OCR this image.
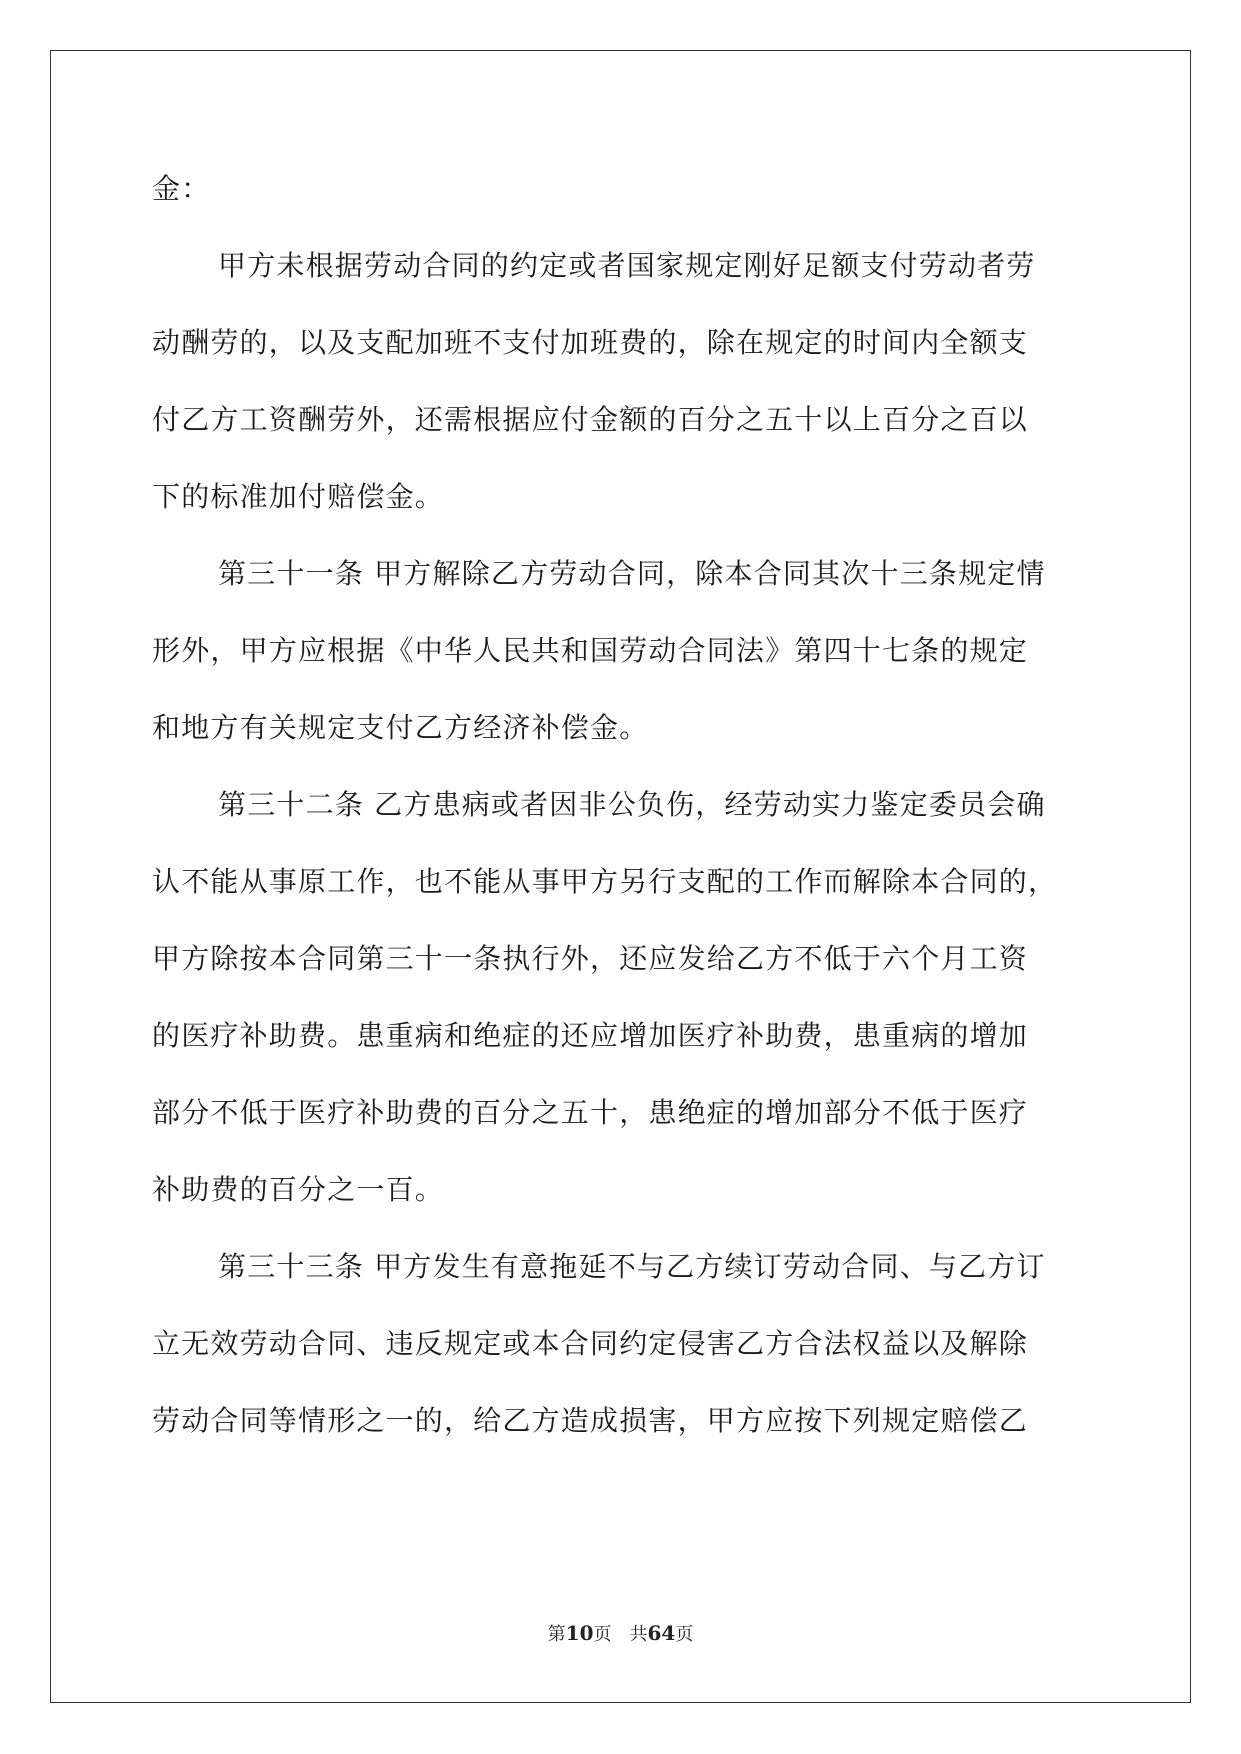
金：
甲方未根据劳动合同的约定或者国家规定刚好足额支付劳动者劳
动酬劳的，以及支配加班不支付加班费的，除在规定的时间内全额支
付乙方工资酬劳外，还需根据应付金额的百分之五十以上百分之百以
下的标准加付赔偿金。
第三十一条 甲方解除乙方劳动合同，除本合同其次十三条规定情
形外，甲方应根据《中华人民共和国劳动合同法》第四十七条的规定
和地方有关规定支付乙方经济补偿金。
第三十二条 乙方患病或者因非公负伤，经劳动实力鉴定委员会确
认不能从事原工作，也不能从事甲方另行支配的工作而解除本合同的，
甲方除按本合同第三十一条执行外，还应发给乙方不低于六个月工资
的医疗补助费。患重病和绝症的还应增加医疗补助费，患重病的增加
部分不低于医疗补助费的百分之五十，患绝症的增加部分不低于医疗
补助费的百分之一百。
第三十三条 甲方发生有意拖延不与乙方续订劳动合同、与乙方订
立无效劳动合同、违反规定或本合同约定侵害乙方合法权益以及解除
劳动合同等情形之一的，给乙方造成损害，甲方应按下列规定赔偿乙
第10页 共64页
